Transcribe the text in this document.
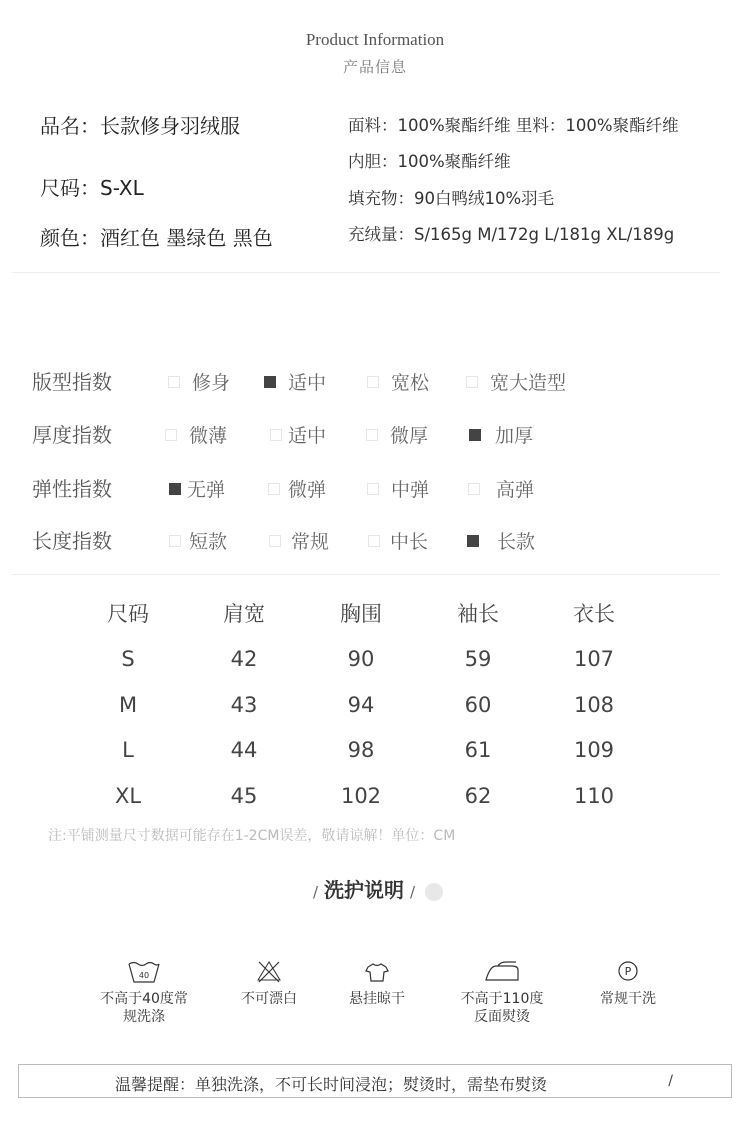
Product Information
产品信息
品名：长款修身羽绒服
尺码：S-XL
颜色：酒红色 墨绿色 黑色
面料：100%聚酯纤维 里料：100%聚酯纤维
内胆：100%聚酯纤维
填充物：90白鸭绒10%羽毛
充绒量：S/165g M/172g L/181g XL/189g
版型指数	修身	适中	宽松	宽大造型
厚度指数	微薄	适中	微厚	加厚
弹性指数	无弹	微弹	中弹	高弹
长度指数	短款	常规	中长	长款
尺码	肩宽	胸围	袖长	衣长
S	42	90	59	107
M	43	94	60	108
L	44	98	61	109
XL	45	102	62	110
注:平铺测量尺寸数据可能存在1-2CM误差，敬请谅解！单位：CM
/ 洗护说明 /
40
不高于40度常
规洗涤
不可漂白	悬挂晾干	不高于110度
反面熨烫
P
常规干洗
温馨提醒：单独洗涤，不可长时间浸泡；熨烫时，需垫布熨烫	/
